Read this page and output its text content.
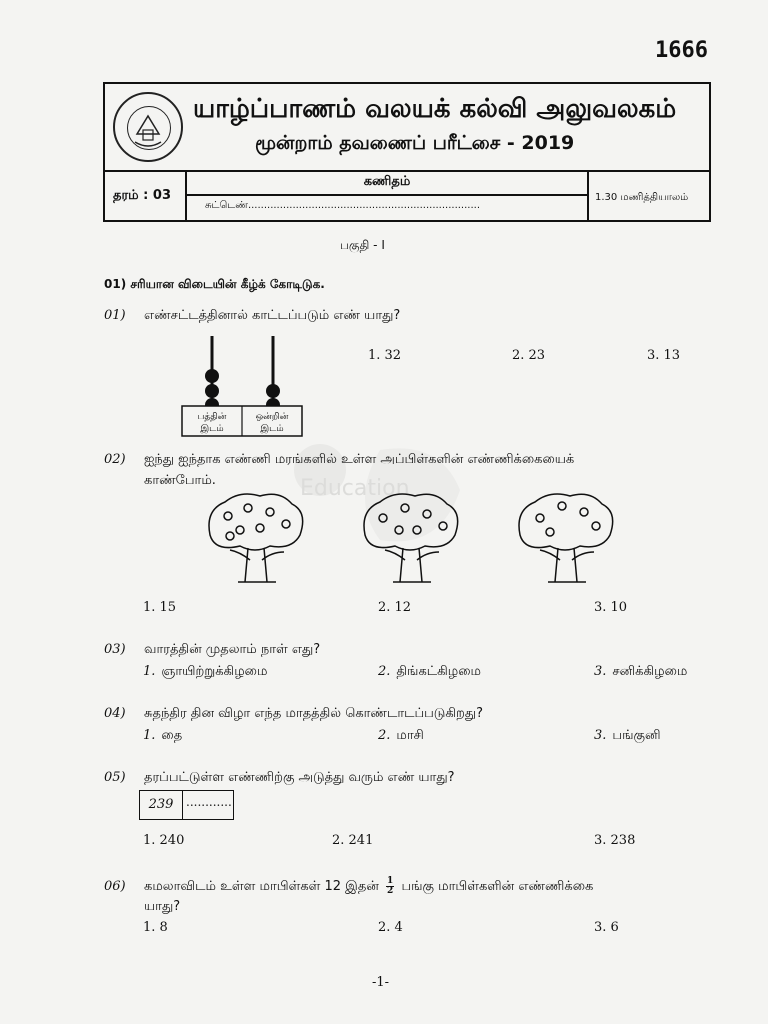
1666
யாழ்ப்பாணம் வலயக் கல்வி அலுவலகம்
மூன்றாம் தவணைப் பரீட்சை - 2019
தரம் : 03
கணிதம்
சுட்டெண்.........................................................................
1.30 மணித்தியாலம்
பகுதி - I
01) சரியான விடையின் கீழ்க் கோடிடுக.
Education
01) எண்சட்டத்தினால் காட்டப்படும் எண் யாது?
பத்தின்
இடம்
ஒன்றின்
இடம்
1. 32	2. 23	3. 13
02) ஐந்து ஐந்தாக எண்ணி மரங்களில் உள்ள அப்பிள்களின் எண்ணிக்கையைக்
காண்போம்.
1. 15	2. 12	3. 10
03) வாரத்தின் முதலாம் நாள் எது?
1. ஞாயிற்றுக்கிழமை	2. திங்கட்கிழமை	3. சனிக்கிழமை
04) சுதந்திர தின விழா எந்த மாதத்தில் கொண்டாடப்படுகிறது?
1. தை	2. மாசி	3. பங்குனி
05) தரப்பட்டுள்ள எண்ணிற்கு அடுத்து வரும் எண் யாது?
239	............
1. 240	2. 241	3. 238
06) கமலாவிடம் உள்ள மாபிள்கள் 12 இதன் $\frac{1}{2}$ பங்கு மாபிள்களின் எண்ணிக்கை
யாது?
1. 8	2. 4	3. 6
-1-
